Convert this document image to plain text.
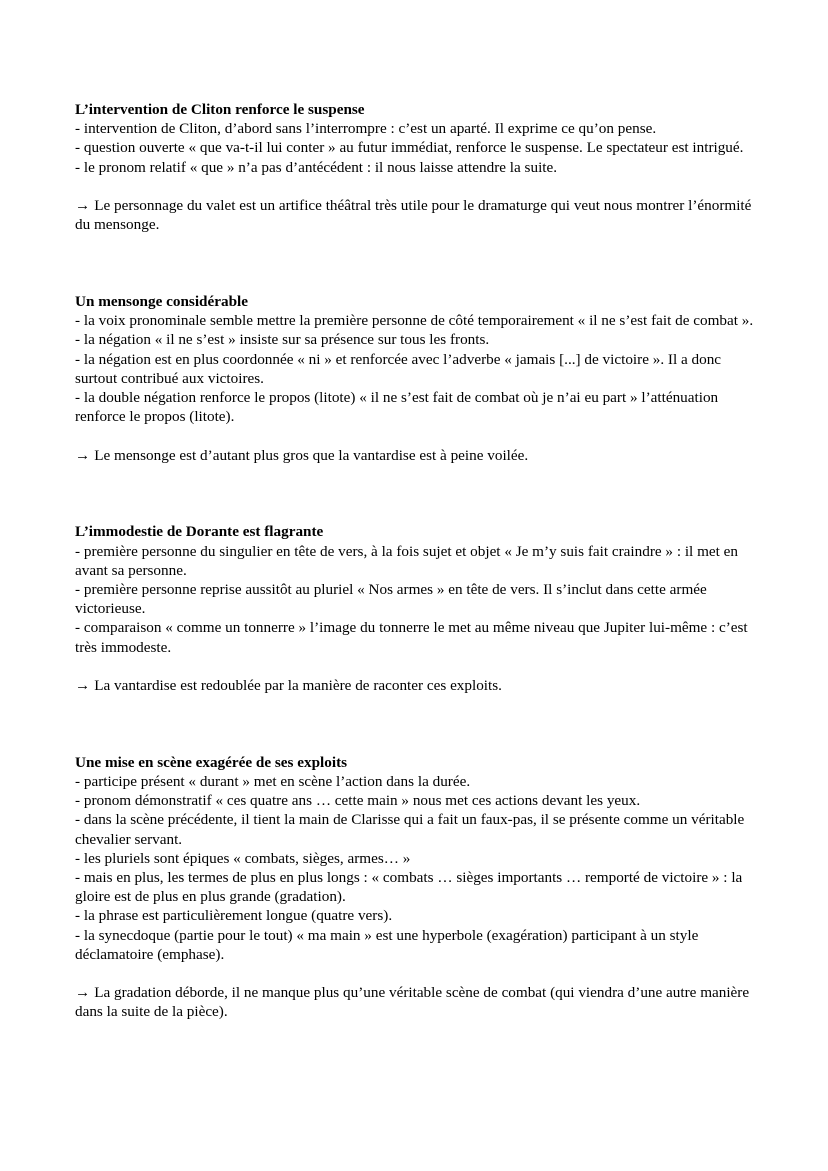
L’intervention de Cliton renforce le suspense

- intervention de Cliton, d’abord sans l’interrompre : c’est un aparté. Il exprime ce qu’on pense.

- question ouverte « que va-t-il lui conter » au futur immédiat, renforce le suspense. Le spectateur est intrigué.

- le pronom relatif « que » n’a pas d’antécédent : il nous laisse attendre la suite.

→ Le personnage du valet est un artifice théâtral très utile pour le dramaturge qui veut nous montrer l’énormité du mensonge.

Un mensonge considérable

- la voix pronominale semble mettre la première personne de côté temporairement « il ne s’est fait de combat ».

- la négation « il ne s’est » insiste sur sa présence sur tous les fronts.

- la négation est en plus coordonnée « ni » et renforcée avec l’adverbe « jamais [...] de victoire ». Il a donc surtout contribué aux victoires.

- la double négation renforce le propos (litote) « il ne s’est fait de combat où je n’ai eu part » l’atténuation renforce le propos (litote).

→ Le mensonge est d’autant plus gros que la vantardise est à peine voilée.

L’immodestie de Dorante est flagrante

- première personne du singulier en tête de vers, à la fois sujet et objet « Je m’y suis fait craindre » : il met en avant sa personne.

- première personne reprise aussitôt au pluriel « Nos armes » en tête de vers. Il s’inclut dans cette armée victorieuse.

- comparaison « comme un tonnerre » l’image du tonnerre le met au même niveau que Jupiter lui-même : c’est très immodeste.

→ La vantardise est redoublée par la manière de raconter ces exploits.

Une mise en scène exagérée de ses exploits

- participe présent « durant » met en scène l’action dans la durée.

- pronom démonstratif « ces quatre ans … cette main » nous met ces actions devant les yeux.

- dans la scène précédente, il tient la main de Clarisse qui a fait un faux-pas, il se présente comme un véritable chevalier servant.

- les pluriels sont épiques « combats, sièges, armes… »

- mais en plus, les termes de plus en plus longs : « combats … sièges importants … remporté de victoire » : la gloire est de plus en plus grande (gradation).

- la phrase est particulièrement longue (quatre vers).

- la synecdoque (partie pour le tout) « ma main » est une hyperbole (exagération) participant à un style déclamatoire (emphase).

→ La gradation déborde, il ne manque plus qu’une véritable scène de combat (qui viendra d’une autre manière dans la suite de la pièce).
